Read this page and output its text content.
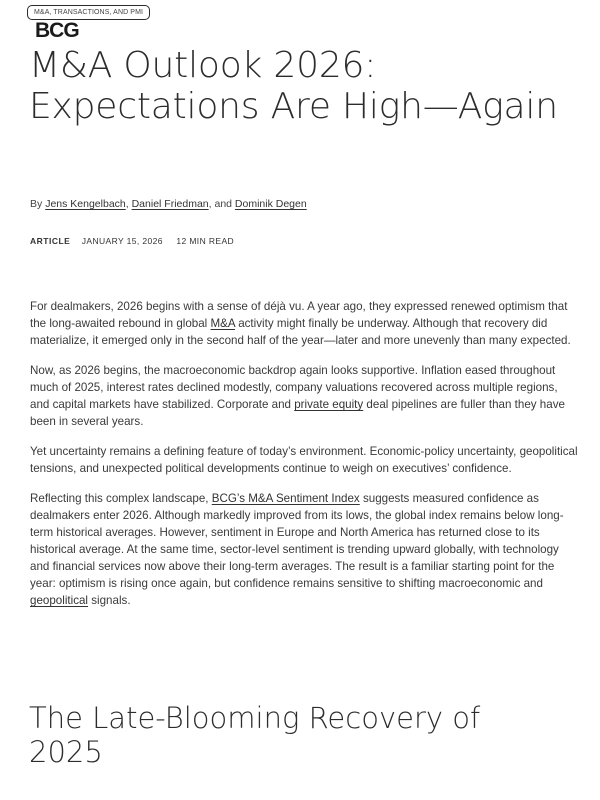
M&A, TRANSACTIONS, AND PMI
BCG
M&A Outlook 2026: Expectations Are High—Again
By Jens Kengelbach, Daniel Friedman, and Dominik Degen
ARTICLE JANUARY 15, 2026 12 MIN READ

For dealmakers, 2026 begins with a sense of déjà vu. A year ago, they expressed renewed optimism that the long-awaited rebound in global M&A activity might finally be underway. Although that recovery did materialize, it emerged only in the second half of the year—later and more unevenly than many expected.

Now, as 2026 begins, the macroeconomic backdrop again looks supportive. Inflation eased throughout much of 2025, interest rates declined modestly, company valuations recovered across multiple regions, and capital markets have stabilized. Corporate and private equity deal pipelines are fuller than they have been in several years.

Yet uncertainty remains a defining feature of today’s environment. Economic-policy uncertainty, geopolitical tensions, and unexpected political developments continue to weigh on executives’ confidence.

Reflecting this complex landscape, BCG’s M&A Sentiment Index suggests measured confidence as dealmakers enter 2026. Although markedly improved from its lows, the global index remains below long-term historical averages. However, sentiment in Europe and North America has returned close to its historical average. At the same time, sector-level sentiment is trending upward globally, with technology and financial services now above their long-term averages. The result is a familiar starting point for the year: optimism is rising once again, but confidence remains sensitive to shifting macroeconomic and geopolitical signals.

The Late-Blooming Recovery of 2025
